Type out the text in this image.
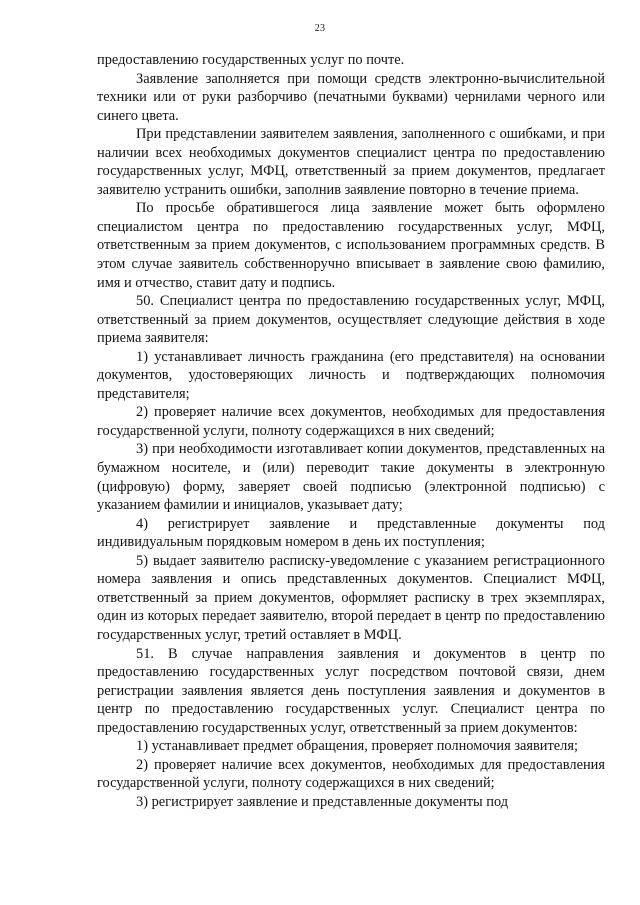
23

предоставлению государственных услуг по почте.

Заявление заполняется при помощи средств электронно-вычислительной техники или от руки разборчиво (печатными буквами) чернилами черного или синего цвета.

При представлении заявителем заявления, заполненного с ошибками, и при наличии всех необходимых документов специалист центра по предоставлению государственных услуг, МФЦ, ответственный за прием документов, предлагает заявителю устранить ошибки, заполнив заявление повторно в течение приема.

По просьбе обратившегося лица заявление может быть оформлено специалистом центра по предоставлению государственных услуг, МФЦ, ответственным за прием документов, с использованием программных средств. В этом случае заявитель собственноручно вписывает в заявление свою фамилию, имя и отчество, ставит дату и подпись.

50. Специалист центра по предоставлению государственных услуг, МФЦ, ответственный за прием документов, осуществляет следующие действия в ходе приема заявителя:

1) устанавливает личность гражданина (его представителя) на основании документов, удостоверяющих личность и подтверждающих полномочия представителя;

2) проверяет наличие всех документов, необходимых для предоставления государственной услуги, полноту содержащихся в них сведений;

3) при необходимости изготавливает копии документов, представленных на бумажном носителе, и (или) переводит такие документы в электронную (цифровую) форму, заверяет своей подписью (электронной подписью) с указанием фамилии и инициалов, указывает дату;

4) регистрирует заявление и представленные документы под индивидуальным порядковым номером в день их поступления;

5) выдает заявителю расписку-уведомление с указанием регистрационного номера заявления и опись представленных документов. Специалист МФЦ, ответственный за прием документов, оформляет расписку в трех экземплярах, один из которых передает заявителю, второй передает в центр по предоставлению государственных услуг, третий оставляет в МФЦ.

51. В случае направления заявления и документов в центр по предоставлению государственных услуг посредством почтовой связи, днем регистрации заявления является день поступления заявления и документов в центр по предоставлению государственных услуг. Специалист центра по предоставлению государственных услуг, ответственный за прием документов:

1) устанавливает предмет обращения, проверяет полномочия заявителя;

2) проверяет наличие всех документов, необходимых для предоставления государственной услуги, полноту содержащихся в них сведений;

3) регистрирует заявление и представленные документы под
